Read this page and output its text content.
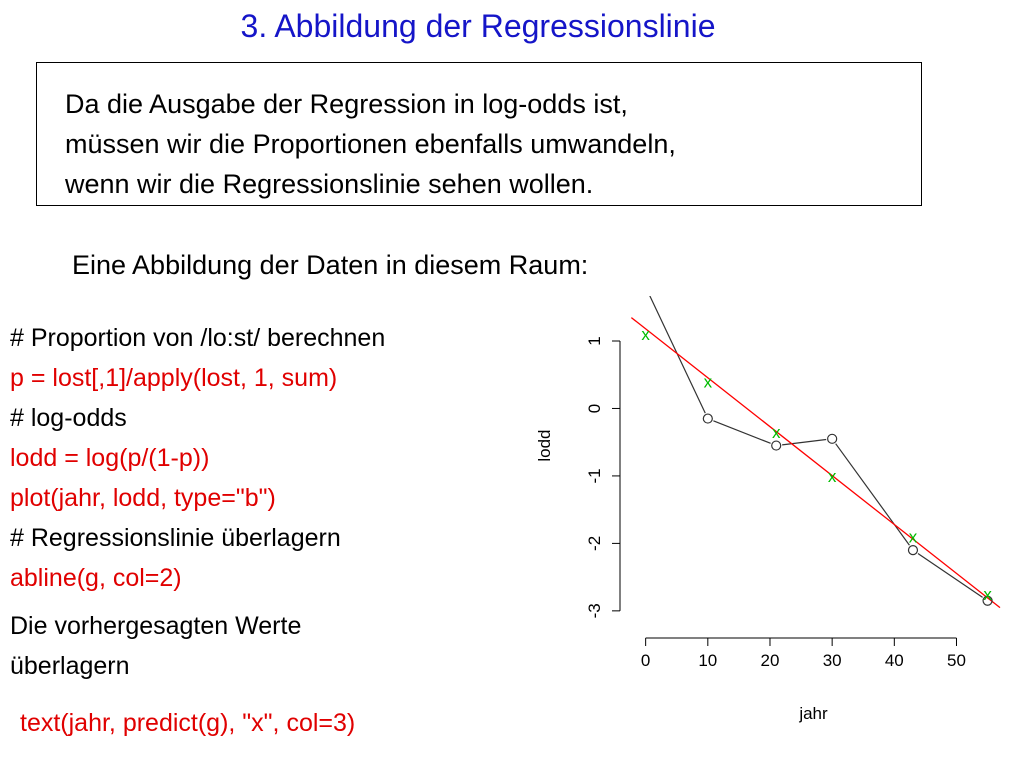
3. Abbildung der Regressionslinie
Da die Ausgabe der Regression in log-odds ist,
müssen wir die Proportionen ebenfalls umwandeln,
wenn wir die Regressionslinie sehen wollen.
Eine Abbildung der Daten in diesem Raum:
# Proportion von /lo:st/ berechnen
p = lost[,1]/apply(lost, 1, sum)
# log-odds
lodd = log(p/(1-p))
plot(jahr, lodd, type="b")
# Regressionslinie überlagern
abline(g, col=2)
Die vorhergesagten Werte
überlagern
text(jahr, predict(g), "x", col=3)
0	10	20	30	40	50
-3
-2
-1
0
1 x
x
x
x
x
x
jahr
lodd
